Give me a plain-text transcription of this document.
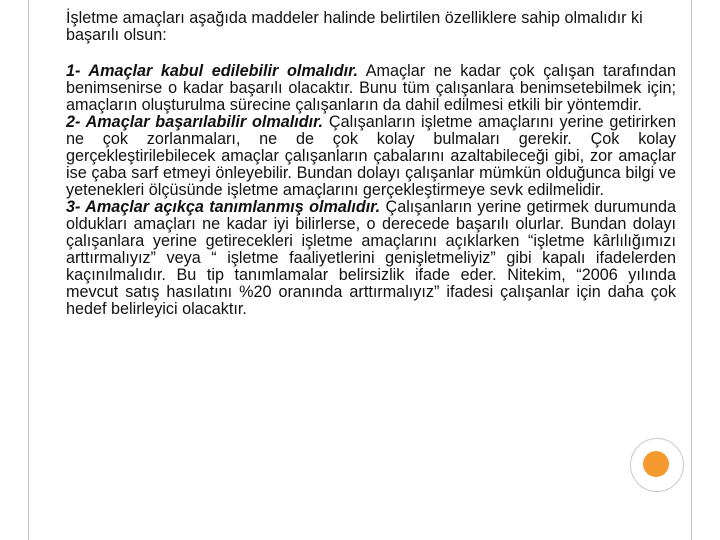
İşletme amaçları aşağıda maddeler halinde belirtilen özelliklere sahip olmalıdır ki başarılı olsun:

1- Amaçlar kabul edilebilir olmalıdır. Amaçlar ne kadar çok çalışan tarafından benimsenirse o kadar başarılı olacaktır. Bunu tüm çalışanlara benimsetebilmek için; amaçların oluşturulma sürecine çalışanların da dahil edilmesi etkili bir yöntemdir.

2- Amaçlar başarılabilir olmalıdır. Çalışanların işletme amaçlarını yerine getirirken ne çok zorlanmaları, ne de çok kolay bulmaları gerekir. Çok kolay gerçekleştirilebilecek amaçlar çalışanların çabalarını azaltabileceği gibi, zor amaçlar ise çaba sarf etmeyi önleyebilir. Bundan dolayı çalışanlar mümkün olduğunca bilgi ve yetenekleri ölçüsünde işletme amaçlarını gerçekleştirmeye sevk edilmelidir.

3- Amaçlar açıkça tanımlanmış olmalıdır. Çalışanların yerine getirmek durumunda oldukları amaçları ne kadar iyi bilirlerse, o derecede başarılı olurlar. Bundan dolayı çalışanlara yerine getirecekleri işletme amaçlarını açıklarken “işletme kârlılığımızı arttırmalıyız” veya “ işletme faaliyetlerini genişletmeliyiz” gibi kapalı ifadelerden kaçınılmalıdır. Bu tip tanımlamalar belirsizlik ifade eder. Nitekim, “2006 yılında mevcut satış hasılatını %20 oranında arttırmalıyız” ifadesi çalışanlar için daha çok hedef belirleyici olacaktır.
